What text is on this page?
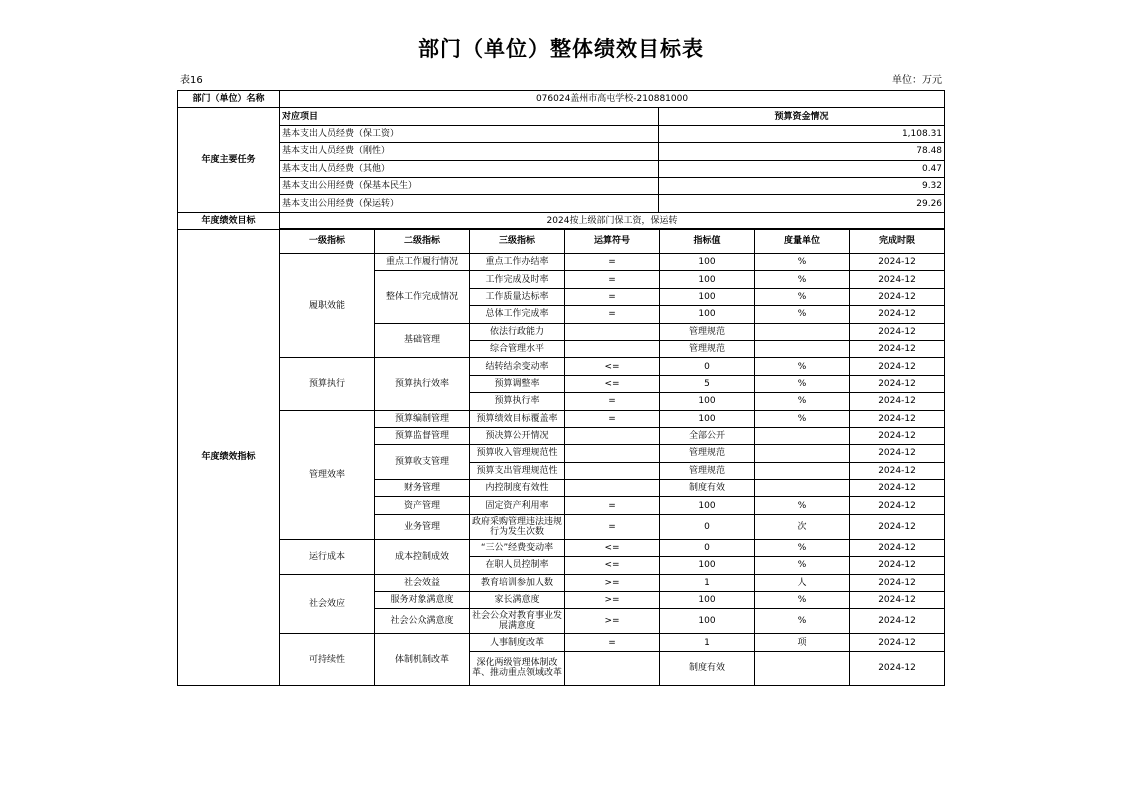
部门（单位）整体绩效目标表
表16	单位：万元
部门（单位）名称	076024盖州市高屯学校-210881000	
年度主要任务	对应项目	预算资金情况
	基本支出人员经费（保工资）	1,108.31
	基本支出人员经费（刚性）	78.48
	基本支出人员经费（其他）	0.47
	基本支出公用经费（保基本民生）	9.32
	基本支出公用经费（保运转）	29.26
年度绩效目标	2024按上级部门保工资，保运转	
年度绩效指标	一级指标	二级指标	三级指标	运算符号	指标值	度量单位	完成时限
	履职效能	重点工作履行情况	重点工作办结率	=	100	%	2024-12
		整体工作完成情况	工作完成及时率	=	100	%	2024-12
			工作质量达标率	=	100	%	2024-12
			总体工作完成率	=	100	%	2024-12
		基础管理	依法行政能力		管理规范		2024-12
			综合管理水平		管理规范		2024-12
	预算执行	预算执行效率	结转结余变动率	<=	0	%	2024-12
			预算调整率	<=	5	%	2024-12
			预算执行率	=	100	%	2024-12
	管理效率	预算编制管理	预算绩效目标覆盖率	=	100	%	2024-12
		预算监督管理	预决算公开情况		全部公开		2024-12
		预算收支管理	预算收入管理规范性		管理规范		2024-12
			预算支出管理规范性		管理规范		2024-12
		财务管理	内控制度有效性		制度有效		2024-12
		资产管理	固定资产利用率	=	100	%	2024-12
		业务管理	政府采购管理违法违规行为发生次数	=	0	次	2024-12
	运行成本	成本控制成效	“三公”经费变动率	<=	0	%	2024-12
			在职人员控制率	<=	100	%	2024-12
	社会效应	社会效益	教育培训参加人数	>=	1	人	2024-12
		服务对象满意度	家长满意度	>=	100	%	2024-12
		社会公众满意度	社会公众对教育事业发展满意度	>=	100	%	2024-12
	可持续性	体制机制改革	人事制度改革	=	1	项	2024-12
			深化两级管理体制改革、推动重点领域改革		制度有效		2024-12
